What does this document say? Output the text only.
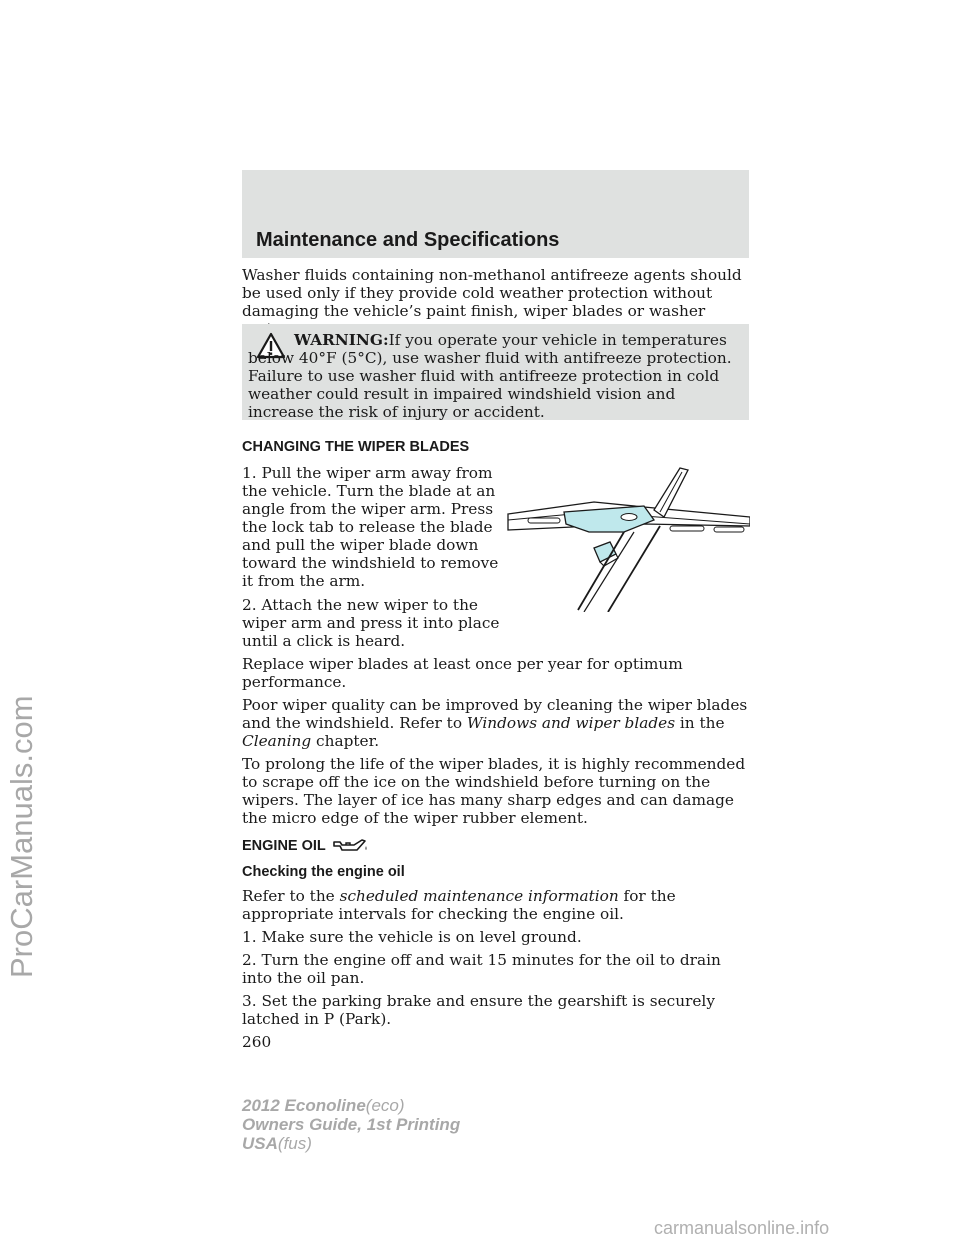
Maintenance and Specifications

Washer fluids containing non-methanol antifreeze agents should be used only if they provide cold weather protection without damaging the vehicle’s paint finish, wiper blades or washer

WARNING:If you operate your vehicle in temperatures below 40°F (5°C), use washer fluid with antifreeze protection. Failure to use washer fluid with antifreeze protection in cold weather could result in impaired windshield vision and increase the risk of injury or accident.

CHANGING THE WIPER BLADES

1. Pull the wiper arm away from the vehicle. Turn the blade at an angle from the wiper arm. Press the lock tab to release the blade and pull the wiper blade down toward the windshield to remove it from the arm.

2. Attach the new wiper to the wiper arm and press it into place until a click is heard.

Replace wiper blades at least once per year for optimum performance.

Poor wiper quality can be improved by cleaning the wiper blades and the windshield. Refer to Windows and wiper blades in the Cleaning chapter.

To prolong the life of the wiper blades, it is highly recommended to scrape off the ice on the windshield before turning on the wipers. The layer of ice has many sharp edges and can damage the micro edge of the wiper rubber element.

ENGINE OIL

Checking the engine oil

Refer to the scheduled maintenance information for the appropriate intervals for checking the engine oil.

1. Make sure the vehicle is on level ground.

2. Turn the engine off and wait 15 minutes for the oil to drain into the oil pan.

3. Set the parking brake and ensure the gearshift is securely latched in P (Park).

260

ProCarManuals.com
2012 Econoline(eco)
Owners Guide, 1st Printing
USA(fus)
carmanualsonline.info
